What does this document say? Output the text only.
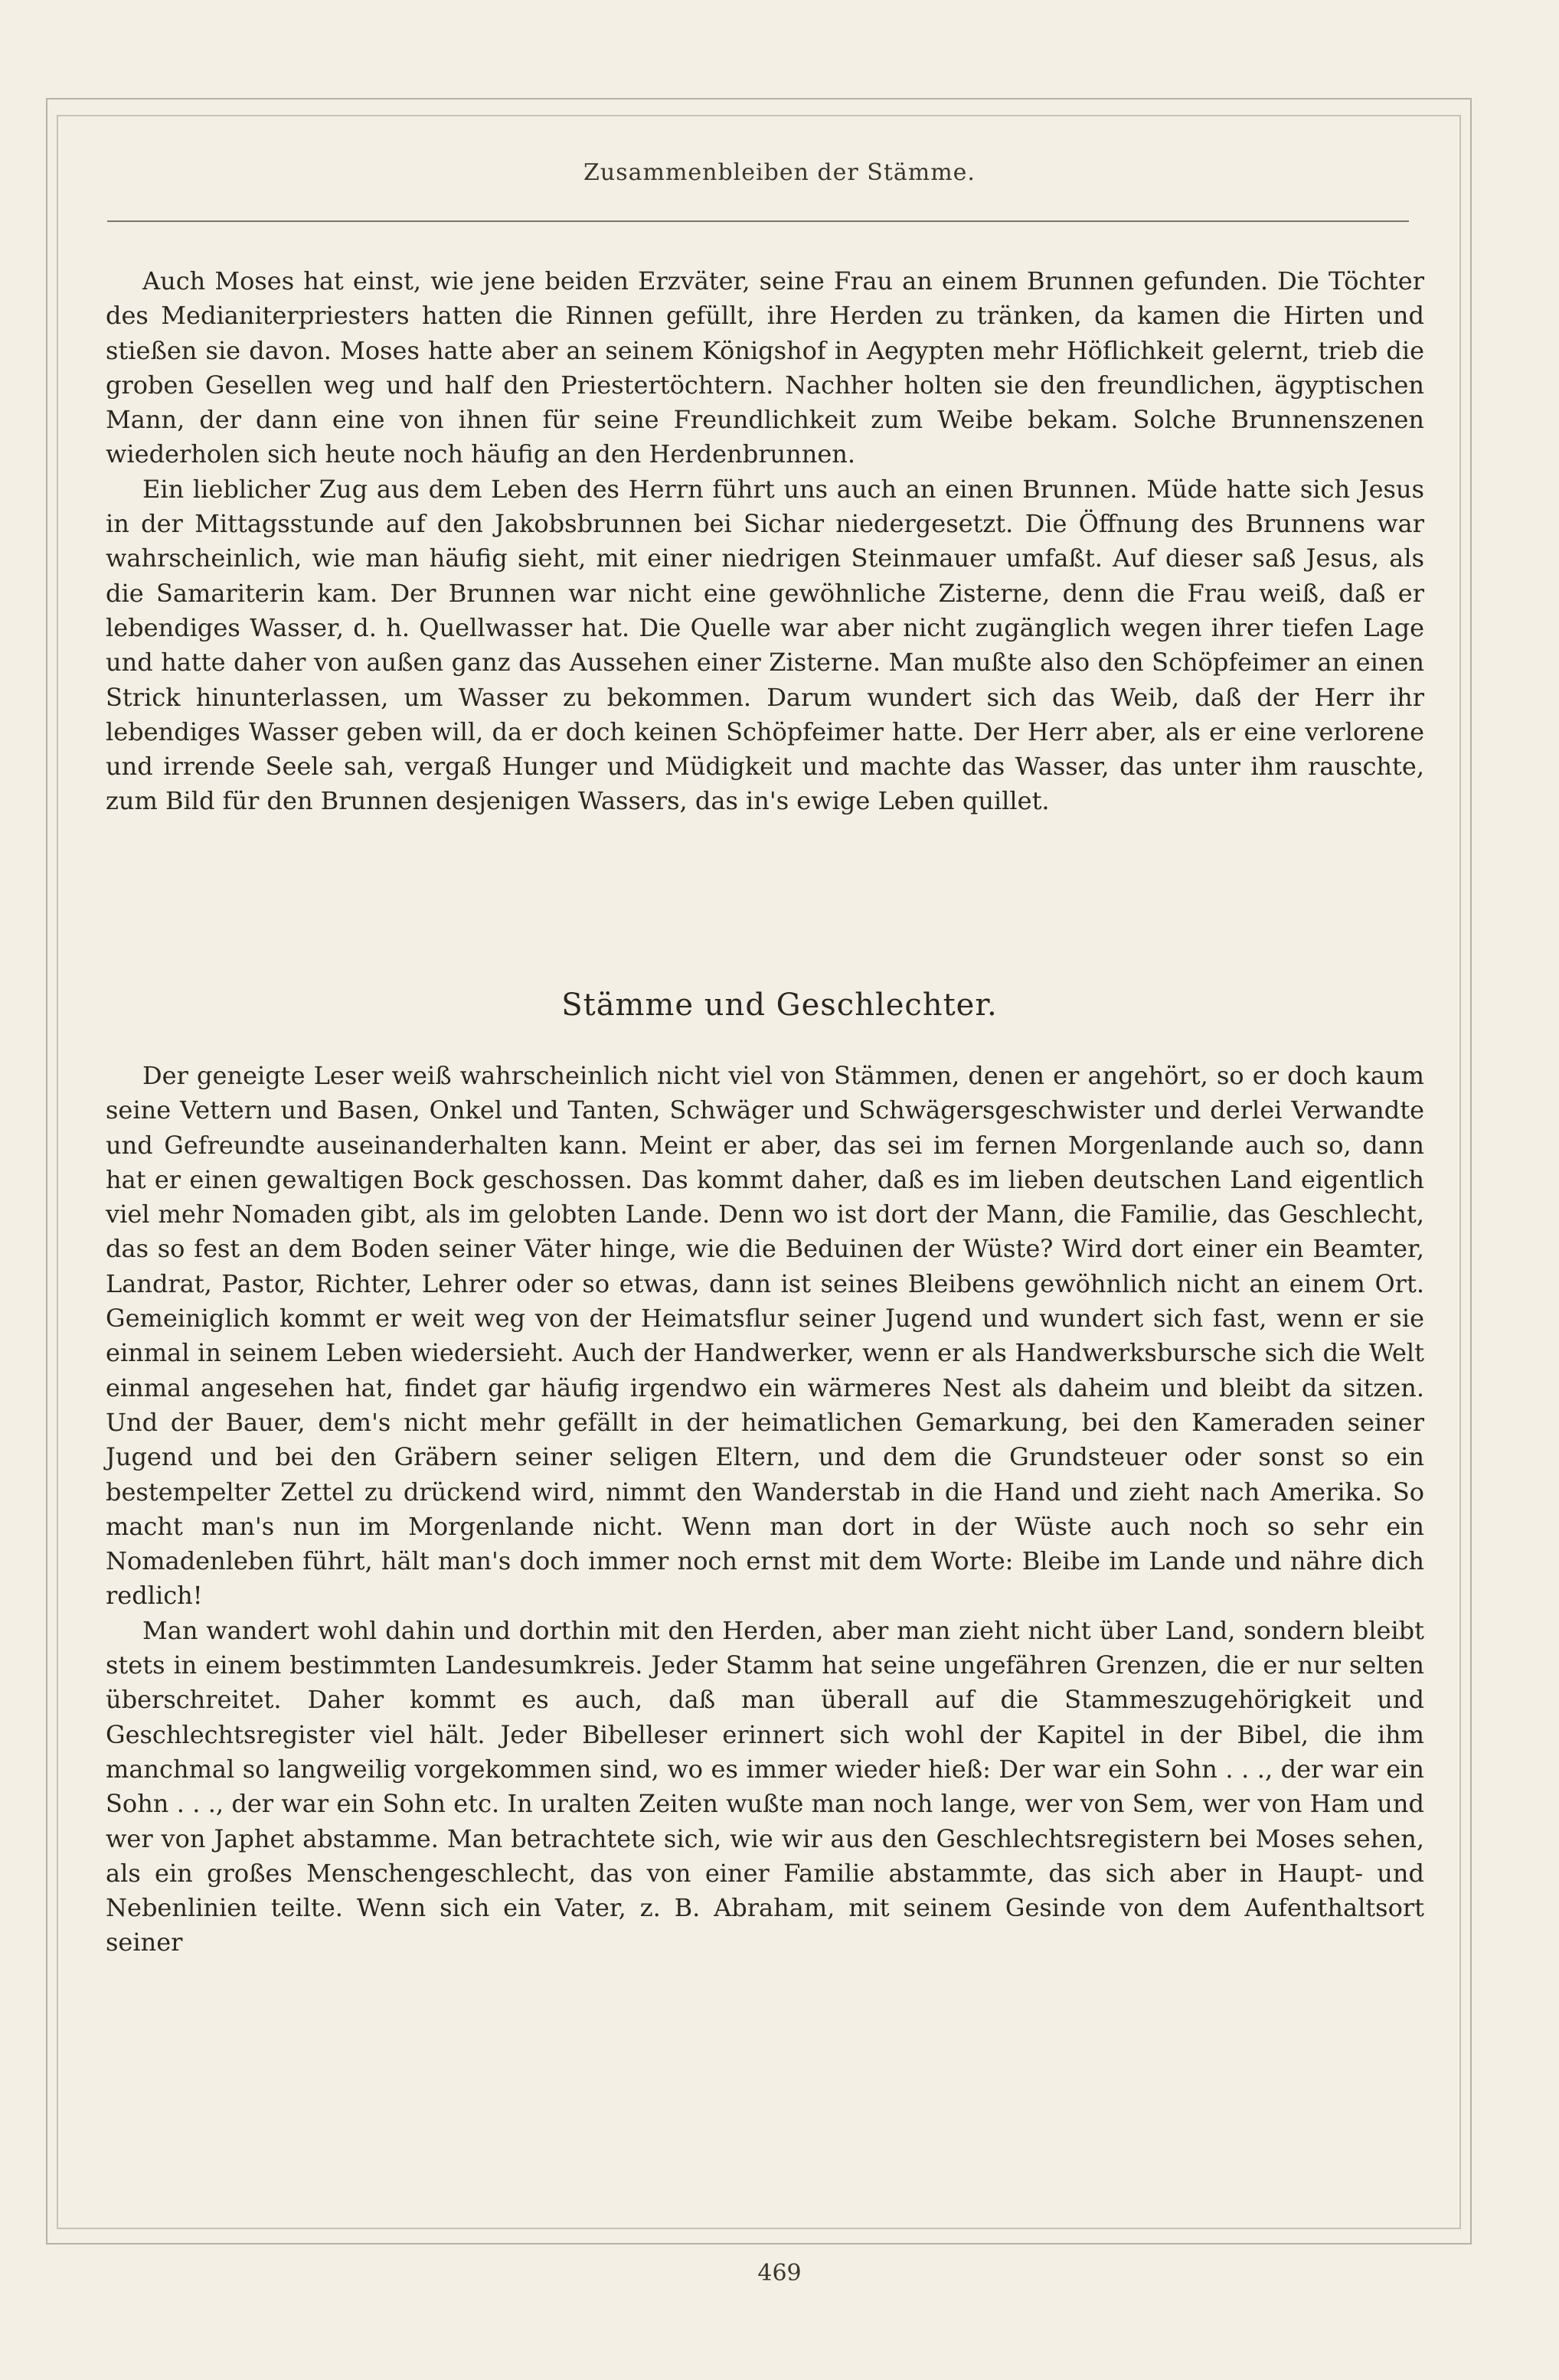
Zusammenbleiben der Stämme.

Auch Moses hat einst, wie jene beiden Erzväter, seine Frau an einem Brunnen gefunden. Die Töchter des Medianiterpriesters hatten die Rinnen gefüllt, ihre Herden zu tränken, da kamen die Hirten und stießen sie davon. Moses hatte aber an seinem Königshof in Aegypten mehr Höflichkeit gelernt, trieb die groben Gesellen weg und half den Priestertöchtern. Nachher holten sie den freundlichen, ägyptischen Mann, der dann eine von ihnen für seine Freundlichkeit zum Weibe bekam. Solche Brunnenszenen wiederholen sich heute noch häufig an den Herdenbrunnen.

Ein lieblicher Zug aus dem Leben des Herrn führt uns auch an einen Brunnen. Müde hatte sich Jesus in der Mittagsstunde auf den Jakobsbrunnen bei Sichar niedergesetzt. Die Öffnung des Brunnens war wahrscheinlich, wie man häufig sieht, mit einer niedrigen Steinmauer umfaßt. Auf dieser saß Jesus, als die Samariterin kam. Der Brunnen war nicht eine gewöhnliche Zisterne, denn die Frau weiß, daß er lebendiges Wasser, d. h. Quellwasser hat. Die Quelle war aber nicht zugänglich wegen ihrer tiefen Lage und hatte daher von außen ganz das Aussehen einer Zisterne. Man mußte also den Schöpfeimer an einen Strick hinunterlassen, um Wasser zu bekommen. Darum wundert sich das Weib, daß der Herr ihr lebendiges Wasser geben will, da er doch keinen Schöpfeimer hatte. Der Herr aber, als er eine verlorene und irrende Seele sah, vergaß Hunger und Müdigkeit und machte das Wasser, das unter ihm rauschte, zum Bild für den Brunnen desjenigen Wassers, das in's ewige Leben quillet.

Stämme und Geschlechter.

Der geneigte Leser weiß wahrscheinlich nicht viel von Stämmen, denen er angehört, so er doch kaum seine Vettern und Basen, Onkel und Tanten, Schwäger und Schwägersgeschwister und derlei Verwandte und Gefreundte auseinanderhalten kann. Meint er aber, das sei im fernen Morgenlande auch so, dann hat er einen gewaltigen Bock geschossen. Das kommt daher, daß es im lieben deutschen Land eigentlich viel mehr Nomaden gibt, als im gelobten Lande. Denn wo ist dort der Mann, die Familie, das Geschlecht, das so fest an dem Boden seiner Väter hinge, wie die Beduinen der Wüste? Wird dort einer ein Beamter, Landrat, Pastor, Richter, Lehrer oder so etwas, dann ist seines Bleibens gewöhnlich nicht an einem Ort. Gemeiniglich kommt er weit weg von der Heimatsflur seiner Jugend und wundert sich fast, wenn er sie einmal in seinem Leben wiedersieht. Auch der Handwerker, wenn er als Handwerksbursche sich die Welt einmal angesehen hat, findet gar häufig irgendwo ein wärmeres Nest als daheim und bleibt da sitzen. Und der Bauer, dem's nicht mehr gefällt in der heimatlichen Gemarkung, bei den Kameraden seiner Jugend und bei den Gräbern seiner seligen Eltern, und dem die Grundsteuer oder sonst so ein bestempelter Zettel zu drückend wird, nimmt den Wanderstab in die Hand und zieht nach Amerika. So macht man's nun im Morgenlande nicht. Wenn man dort in der Wüste auch noch so sehr ein Nomadenleben führt, hält man's doch immer noch ernst mit dem Worte: Bleibe im Lande und nähre dich redlich!

Man wandert wohl dahin und dorthin mit den Herden, aber man zieht nicht über Land, sondern bleibt stets in einem bestimmten Landesumkreis. Jeder Stamm hat seine ungefähren Grenzen, die er nur selten überschreitet. Daher kommt es auch, daß man überall auf die Stammeszugehörigkeit und Geschlechtsregister viel hält. Jeder Bibelleser erinnert sich wohl der Kapitel in der Bibel, die ihm manchmal so langweilig vorgekommen sind, wo es immer wieder hieß: Der war ein Sohn . . ., der war ein Sohn . . ., der war ein Sohn etc. In uralten Zeiten wußte man noch lange, wer von Sem, wer von Ham und wer von Japhet abstamme. Man betrachtete sich, wie wir aus den Geschlechtsregistern bei Moses sehen, als ein großes Menschengeschlecht, das von einer Familie abstammte, das sich aber in Haupt- und Nebenlinien teilte. Wenn sich ein Vater, z. B. Abraham, mit seinem Gesinde von dem Aufenthaltsort seiner

469
